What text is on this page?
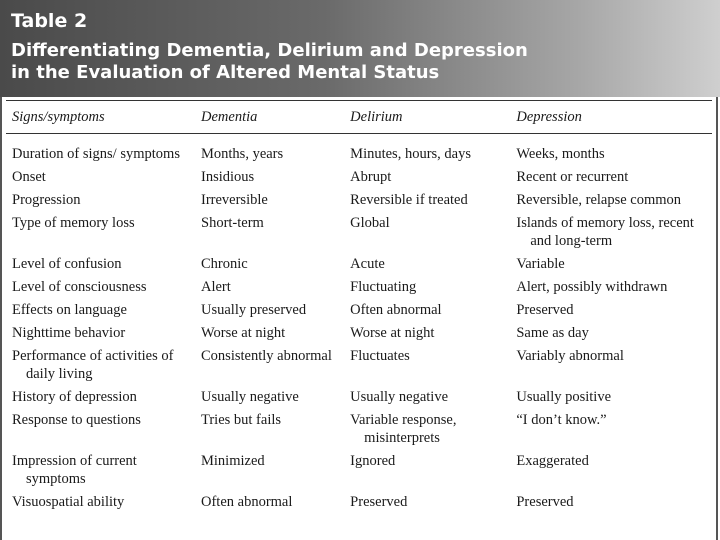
Table 2
Differentiating Dementia, Delirium and Depression
in the Evaluation of Altered Mental Status
Signs/symptoms	Dementia	Delirium	Depression

Duration of signs/ symptoms	Months, years	Minutes, hours, days	Weeks, months

Onset	Insidious	Abrupt	Recent or recurrent

Progression	Irreversible	Reversible if treated	Reversible, relapse common

Type of memory loss	Short-term	Global	Islands of memory loss, recent and long-term

Level of confusion	Chronic	Acute	Variable

Level of consciousness	Alert	Fluctuating	Alert, possibly withdrawn

Effects on language	Usually preserved	Often abnormal	Preserved

Nighttime behavior	Worse at night	Worse at night	Same as day

Performance of activities of daily living	Consistently abnormal	Fluctuates	Variably abnormal

History of depression	Usually negative	Usually negative	Usually positive

Response to questions	Tries but fails	Variable response, misinterprets	“I don’t know.”

Impression of current symptoms	Minimized	Ignored	Exaggerated

Visuospatial ability	Often abnormal	Preserved	Preserved
